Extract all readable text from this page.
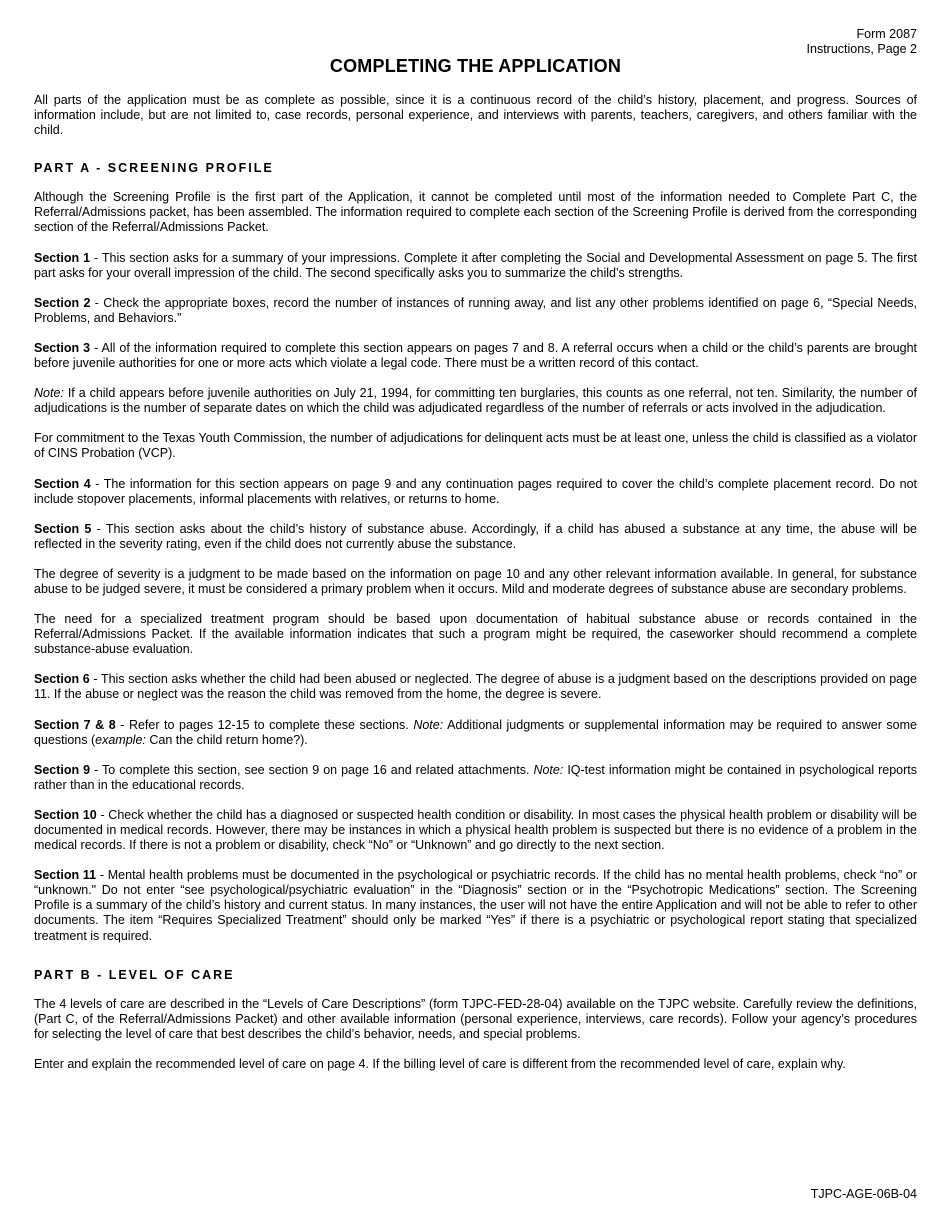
Form 2087
Instructions, Page 2
COMPLETING THE APPLICATION

All parts of the application must be as complete as possible, since it is a continuous record of the child’s history, placement, and progress. Sources of information include, but are not limited to, case records, personal experience, and interviews with parents, teachers, caregivers, and others familiar with the child.

PART A - SCREENING PROFILE

Although the Screening Profile is the first part of the Application, it cannot be completed until most of the information needed to Complete Part C, the Referral/Admissions packet, has been assembled. The information required to complete each section of the Screening Profile is derived from the corresponding section of the Referral/Admissions Packet.

Section 1 - This section asks for a summary of your impressions. Complete it after completing the Social and Developmental Assessment on page 5. The first part asks for your overall impression of the child. The second specifically asks you to summarize the child’s strengths.

Section 2 - Check the appropriate boxes, record the number of instances of running away, and list any other problems identified on page 6, “Special Needs, Problems, and Behaviors.”

Section 3 - All of the information required to complete this section appears on pages 7 and 8. A referral occurs when a child or the child’s parents are brought before juvenile authorities for one or more acts which violate a legal code. There must be a written record of this contact.

Note: If a child appears before juvenile authorities on July 21, 1994, for committing ten burglaries, this counts as one referral, not ten. Similarity, the number of adjudications is the number of separate dates on which the child was adjudicated regardless of the number of referrals or acts involved in the adjudication.

For commitment to the Texas Youth Commission, the number of adjudications for delinquent acts must be at least one, unless the child is classified as a violator of CINS Probation (VCP).

Section 4 - The information for this section appears on page 9 and any continuation pages required to cover the child’s complete placement record. Do not include stopover placements, informal placements with relatives, or returns to home.

Section 5 - This section asks about the child’s history of substance abuse. Accordingly, if a child has abused a substance at any time, the abuse will be reflected in the severity rating, even if the child does not currently abuse the substance.

The degree of severity is a judgment to be made based on the information on page 10 and any other relevant information available. In general, for substance abuse to be judged severe, it must be considered a primary problem when it occurs. Mild and moderate degrees of substance abuse are secondary problems.

The need for a specialized treatment program should be based upon documentation of habitual substance abuse or records contained in the Referral/Admissions Packet. If the available information indicates that such a program might be required, the caseworker should recommend a complete substance-abuse evaluation.

Section 6 - This section asks whether the child had been abused or neglected. The degree of abuse is a judgment based on the descriptions provided on page 11. If the abuse or neglect was the reason the child was removed from the home, the degree is severe.

Section 7 & 8 - Refer to pages 12-15 to complete these sections. Note: Additional judgments or supplemental information may be required to answer some questions (example: Can the child return home?).

Section 9 - To complete this section, see section 9 on page 16 and related attachments. Note: IQ-test information might be contained in psychological reports rather than in the educational records.

Section 10 - Check whether the child has a diagnosed or suspected health condition or disability. In most cases the physical health problem or disability will be documented in medical records. However, there may be instances in which a physical health problem is suspected but there is no evidence of a problem in the medical records. If there is not a problem or disability, check “No” or “Unknown” and go directly to the next section.

Section 11 - Mental health problems must be documented in the psychological or psychiatric records. If the child has no mental health problems, check “no” or “unknown." Do not enter “see psychological/psychiatric evaluation” in the “Diagnosis” section or in the “Psychotropic Medications” section. The Screening Profile is a summary of the child’s history and current status. In many instances, the user will not have the entire Application and will not be able to refer to other documents. The item “Requires Specialized Treatment” should only be marked “Yes” if there is a psychiatric or psychological report stating that specialized treatment is required.

PART B - LEVEL OF CARE

The 4 levels of care are described in the “Levels of Care Descriptions” (form TJPC-FED-28-04) available on the TJPC website. Carefully review the definitions, (Part C, of the Referral/Admissions Packet) and other available information (personal experience, interviews, care records). Follow your agency’s procedures for selecting the level of care that best describes the child’s behavior, needs, and special problems.

Enter and explain the recommended level of care on page 4. If the billing level of care is different from the recommended level of care, explain why.

TJPC-AGE-06B-04
